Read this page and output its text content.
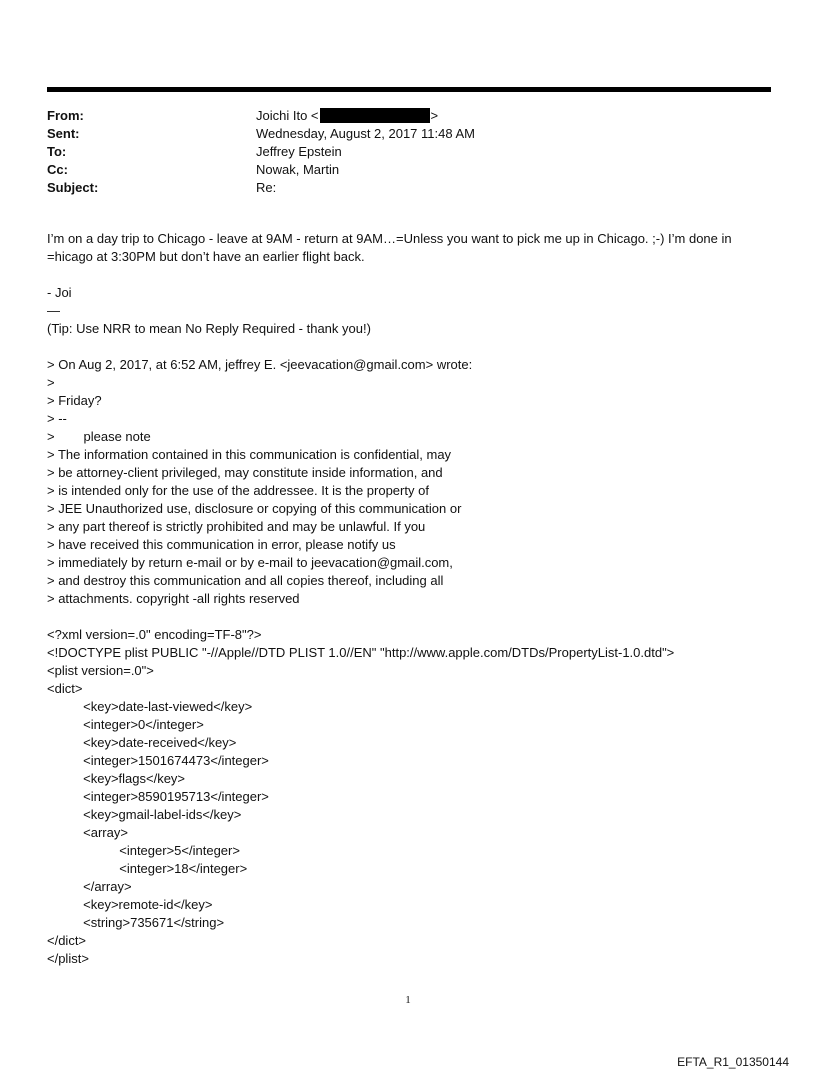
From:	Joichi Ito <	>
Sent:	Wednesday, August 2, 2017 11:48 AM
To:	Jeffrey Epstein
Cc:	Nowak, Martin
Subject:	Re:
I’m on a day trip to Chicago - leave at 9AM - return at 9AM…=Unless you want to pick me up in Chicago. ;-) I’m done in =hicago at 3:30PM but don’t have an earlier flight back.
- Joi
—
(Tip: Use NRR to mean No Reply Required - thank you!)
> On Aug 2, 2017, at 6:52 AM, jeffrey E. <jeevacation@gmail.com> wrote:
>
> Friday?
> --
>        please note
> The information contained in this communication is confidential, may
> be attorney-client privileged, may constitute inside information, and
> is intended only for the use of the addressee. It is the property of
> JEE Unauthorized use, disclosure or copying of this communication or
> any part thereof is strictly prohibited and may be unlawful. If you
> have received this communication in error, please notify us
> immediately by return e-mail or by e-mail to jeevacation@gmail.com,
> and destroy this communication and all copies thereof, including all
> attachments. copyright -all rights reserved
<?xml version=.0" encoding=TF-8"?>
<!DOCTYPE plist PUBLIC "-//Apple//DTD PLIST 1.0//EN" "http://www.apple.com/DTDs/PropertyList-1.0.dtd">
<plist version=.0">
<dict>
<key>date-last-viewed</key>
<integer>0</integer>
<key>date-received</key>
<integer>1501674473</integer>
<key>flags</key>
<integer>8590195713</integer>
<key>gmail-label-ids</key>
<array>
<integer>5</integer>
<integer>18</integer>
</array>
<key>remote-id</key>
<string>735671</string>
</dict>
</plist>
1
EFTA_R1_01350144
